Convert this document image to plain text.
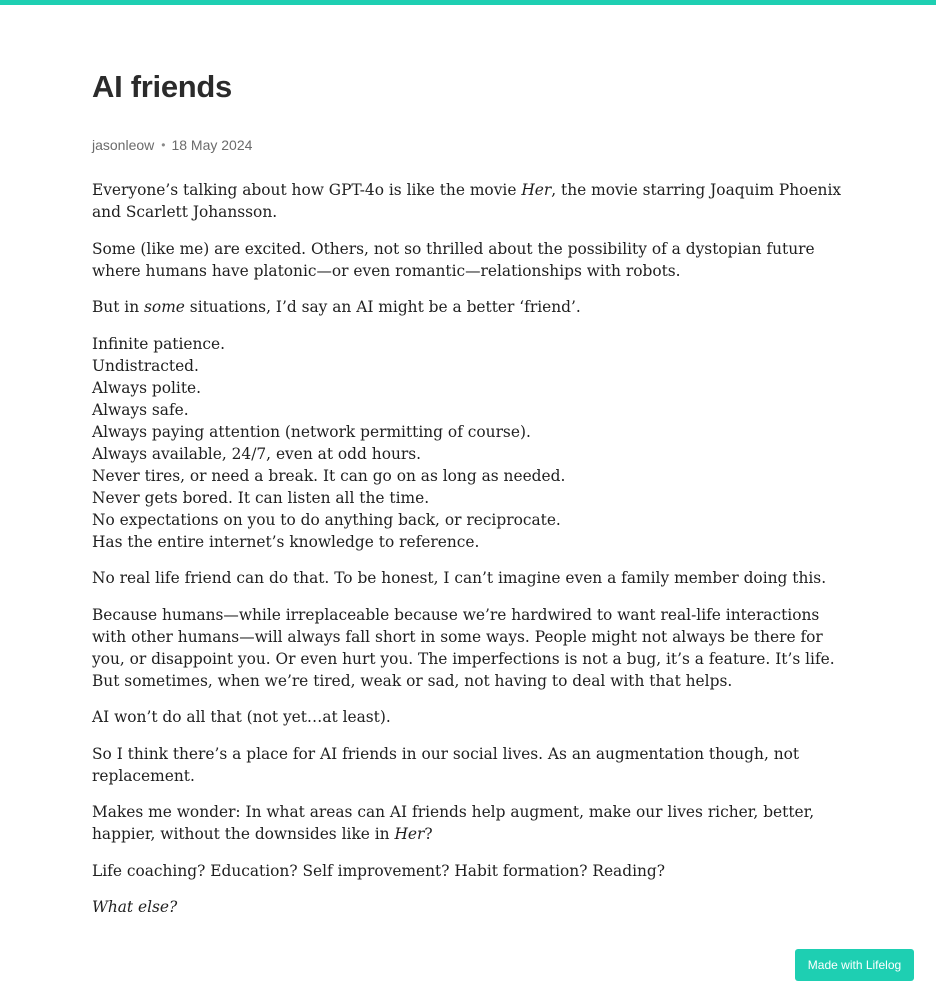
AI friends
jasonleow • 18 May 2024

Everyone’s talking about how GPT-4o is like the movie Her, the movie starring Joaquim Phoenix and Scarlett Johansson.

Some (like me) are excited. Others, not so thrilled about the possibility of a dystopian future where humans have platonic—or even romantic—relationships with robots.

But in some situations, I’d say an AI might be a better ‘friend’.

Infinite patience.
Undistracted.
Always polite.
Always safe.
Always paying attention (network permitting of course).
Always available, 24/7, even at odd hours.
Never tires, or need a break. It can go on as long as needed.
Never gets bored. It can listen all the time.
No expectations on you to do anything back, or reciprocate.
Has the entire internet’s knowledge to reference.

No real life friend can do that. To be honest, I can’t imagine even a family member doing this.

Because humans—while irreplaceable because we’re hardwired to want real-life interactions with other humans—will always fall short in some ways. People might not always be there for you, or disappoint you. Or even hurt you. The imperfections is not a bug, it’s a feature. It’s life. But sometimes, when we’re tired, weak or sad, not having to deal with that helps.

AI won’t do all that (not yet…at least).

So I think there’s a place for AI friends in our social lives. As an augmentation though, not replacement.

Makes me wonder: In what areas can AI friends help augment, make our lives richer, better, happier, without the downsides like in Her?

Life coaching? Education? Self improvement? Habit formation? Reading?

What else?

Made with Lifelog
